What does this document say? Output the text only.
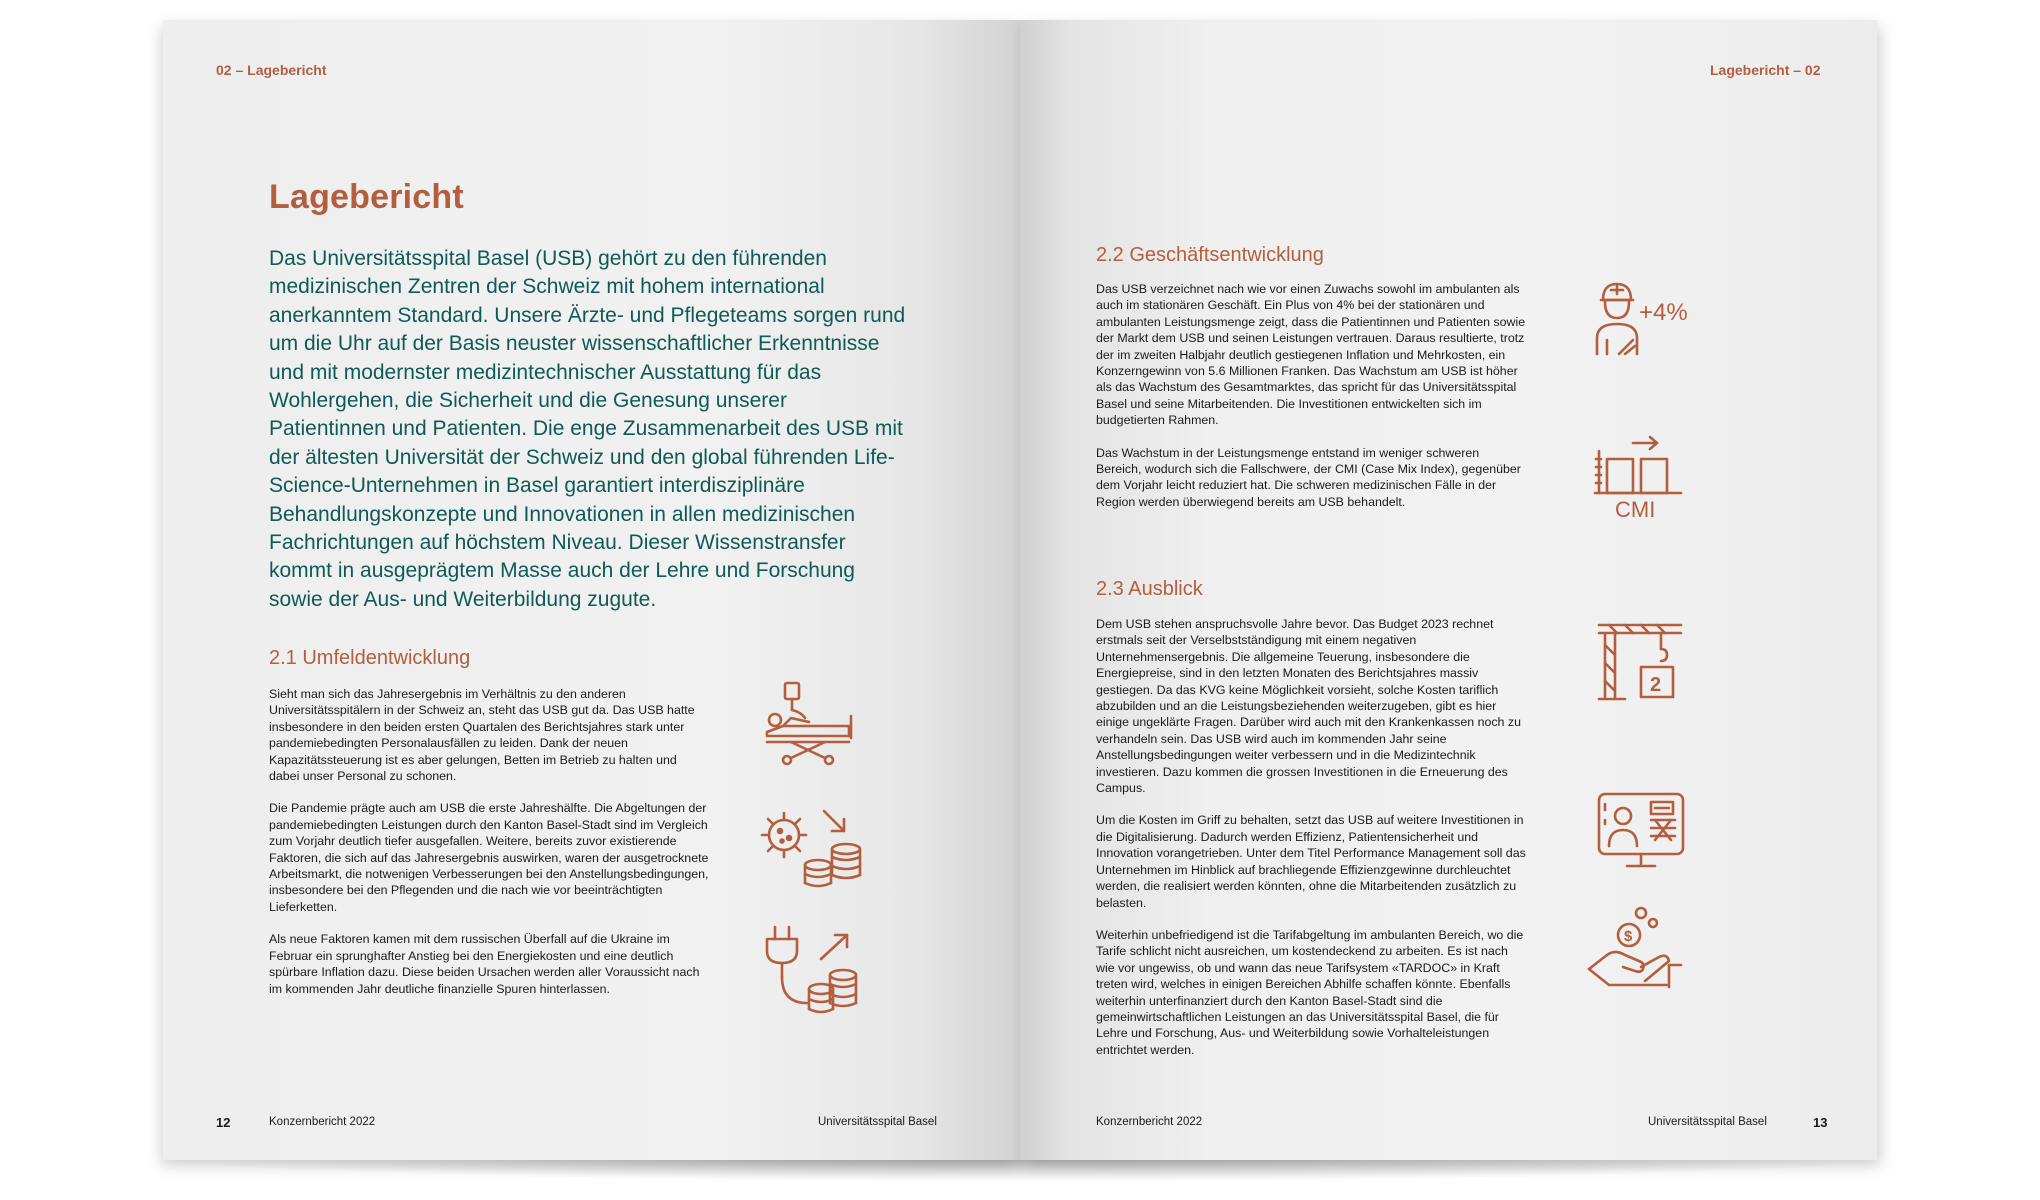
02 – Lagebericht
Lagebericht
Das Universitätsspital Basel (USB) gehört zu den führenden medizinischen Zentren der Schweiz mit hohem international anerkanntem Standard. Unsere Ärzte- und Pflegeteams sorgen rund um die Uhr auf der Basis neuster wissenschaftlicher Erkenntnisse und mit modernster medizintechnischer Ausstattung für das Wohlergehen, die Sicherheit und die Genesung unserer Patientinnen und Patienten. Die enge Zusammenarbeit des USB mit der ältesten Universität der Schweiz und den global führenden Life-Science-Unternehmen in Basel garantiert interdisziplinäre Behandlungskonzepte und Innovationen in allen medizinischen Fachrichtungen auf höchstem Niveau. Dieser Wissenstransfer kommt in ausgeprägtem Masse auch der Lehre und Forschung sowie der Aus- und Weiterbildung zugute.
2.1 Umfeldentwicklung

Sieht man sich das Jahresergebnis im Verhältnis zu den anderen Universitätsspitälern in der Schweiz an, steht das USB gut da. Das USB hatte insbesondere in den beiden ersten Quartalen des Berichtsjahres stark unter pandemiebedingten Personalausfällen zu leiden. Dank der neuen Kapazitätssteuerung ist es aber gelungen, Betten im Betrieb zu halten und dabei unser Personal zu schonen.

Die Pandemie prägte auch am USB die erste Jahreshälfte. Die Abgeltungen der pandemiebedingten Leistungen durch den Kanton Basel-Stadt sind im Vergleich zum Vorjahr deutlich tiefer ausgefallen. Weitere, bereits zuvor existierende Faktoren, die sich auf das Jahresergebnis auswirken, waren der ausgetrocknete Arbeitsmarkt, die notwenigen Verbesserungen bei den Anstellungsbedingungen, insbesondere bei den Pflegenden und die nach wie vor beeinträchtigten Lieferketten.

Als neue Faktoren kamen mit dem russischen Überfall auf die Ukraine im Februar ein sprunghafter Anstieg bei den Energiekosten und eine deutlich spürbare Inflation dazu. Diese beiden Ursachen werden aller Voraussicht nach im kommenden Jahr deutliche finanzielle Spuren hinterlassen.

12	Konzernbericht 2022	Universitätsspital Basel
Lagebericht – 02
2.2 Geschäftsentwicklung

Das USB verzeichnet nach wie vor einen Zuwachs sowohl im ambulanten als auch im stationären Geschäft. Ein Plus von 4% bei der stationären und ambulanten Leistungsmenge zeigt, dass die Patientinnen und Patienten sowie der Markt dem USB und seinen Leistungen vertrauen. Daraus resultierte, trotz der im zweiten Halbjahr deutlich gestiegenen Inflation und Mehrkosten, ein Konzerngewinn von 5.6 Millionen Franken. Das Wachstum am USB ist höher als das Wachstum des Gesamtmarktes, das spricht für das Universitätsspital Basel und seine Mitarbeitenden. Die Investitionen entwickelten sich im budgetierten Rahmen.

Das Wachstum in der Leistungsmenge entstand im weniger schweren Bereich, wodurch sich die Fallschwere, der CMI (Case Mix Index), gegenüber dem Vorjahr leicht reduziert hat. Die schweren medizinischen Fälle in der Region werden überwiegend bereits am USB behandelt.

2.3 Ausblick

Dem USB stehen anspruchsvolle Jahre bevor. Das Budget 2023 rechnet erstmals seit der Verselbstständigung mit einem negativen Unternehmensergebnis. Die allgemeine Teuerung, insbesondere die Energiepreise, sind in den letzten Monaten des Berichtsjahres massiv gestiegen. Da das KVG keine Möglichkeit vorsieht, solche Kosten tariflich abzubilden und an die Leistungsbeziehenden weiterzugeben, gibt es hier einige ungeklärte Fragen. Darüber wird auch mit den Krankenkassen noch zu verhandeln sein. Das USB wird auch im kommenden Jahr seine Anstellungsbedingungen weiter verbessern und in die Medizintechnik investieren. Dazu kommen die grossen Investitionen in die Erneuerung des Campus.

Um die Kosten im Griff zu behalten, setzt das USB auf weitere Investitionen in die Digitalisierung. Dadurch werden Effizienz, Patientensicherheit und Innovation vorangetrieben. Unter dem Titel Performance Management soll das Unternehmen im Hinblick auf brachliegende Effizienzgewinne durchleuchtet werden, die realisiert werden könnten, ohne die Mitarbeitenden zusätzlich zu belasten.

Weiterhin unbefriedigend ist die Tarifabgeltung im ambulanten Bereich, wo die Tarife schlicht nicht ausreichen, um kostendeckend zu arbeiten. Es ist nach wie vor ungewiss, ob und wann das neue Tarifsystem «TARDOC» in Kraft treten wird, welches in einigen Bereichen Abhilfe schaffen könnte. Ebenfalls weiterhin unterfinanziert durch den Kanton Basel-Stadt sind die gemeinwirtschaftlichen Leistungen an das Universitätsspital Basel, die für Lehre und Forschung, Aus- und Weiterbildung sowie Vorhalteleistungen entrichtet werden.

+4%
CMI
2
$
Konzernbericht 2022	Universitätsspital Basel	13
